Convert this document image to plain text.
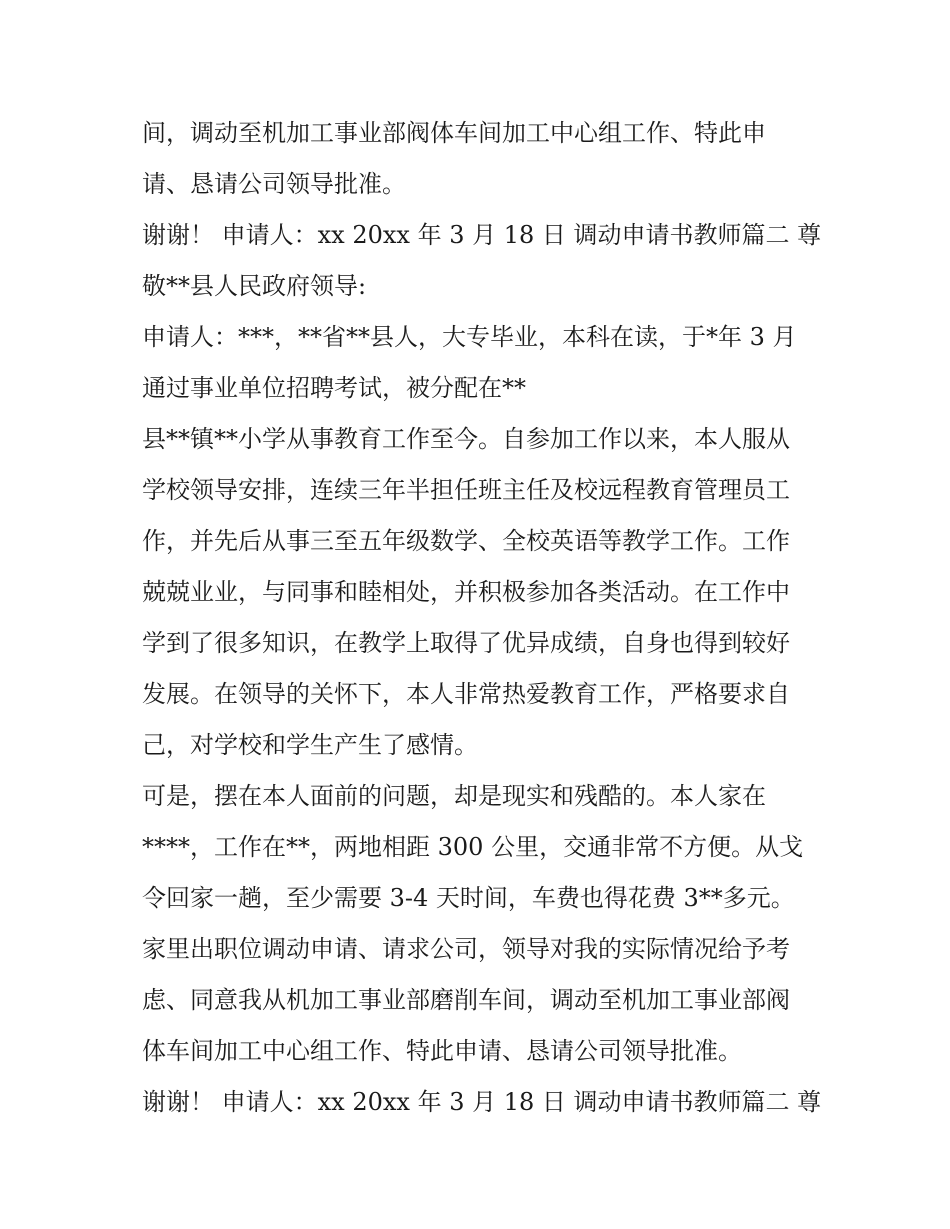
间，调动至机加工事业部阀体车间加工中心组工作、特此申
请、恳请公司领导批准。
谢谢！ 申请人：xx 20xx 年 3 月 18 日 调动申请书教师篇二 尊
敬**县人民政府领导:
申请人：***，**省**县人，大专毕业，本科在读，于*年 3 月
通过事业单位招聘考试，被分配在**
县**镇**小学从事教育工作至今。自参加工作以来，本人服从
学校领导安排，连续三年半担任班主任及校远程教育管理员工
作，并先后从事三至五年级数学、全校英语等教学工作。工作
兢兢业业，与同事和睦相处，并积极参加各类活动。在工作中
学到了很多知识，在教学上取得了优异成绩，自身也得到较好
发展。在领导的关怀下，本人非常热爱教育工作，严格要求自
己，对学校和学生产生了感情。
可是，摆在本人面前的问题，却是现实和残酷的。本人家在
****，工作在**，两地相距 300 公里，交通非常不方便。从戈
令回家一趟，至少需要 3-4 天时间，车费也得花费 3**多元。
家里出职位调动申请、请求公司，领导对我的实际情况给予考
虑、同意我从机加工事业部磨削车间，调动至机加工事业部阀
体车间加工中心组工作、特此申请、恳请公司领导批准。
谢谢！ 申请人：xx 20xx 年 3 月 18 日 调动申请书教师篇二 尊
